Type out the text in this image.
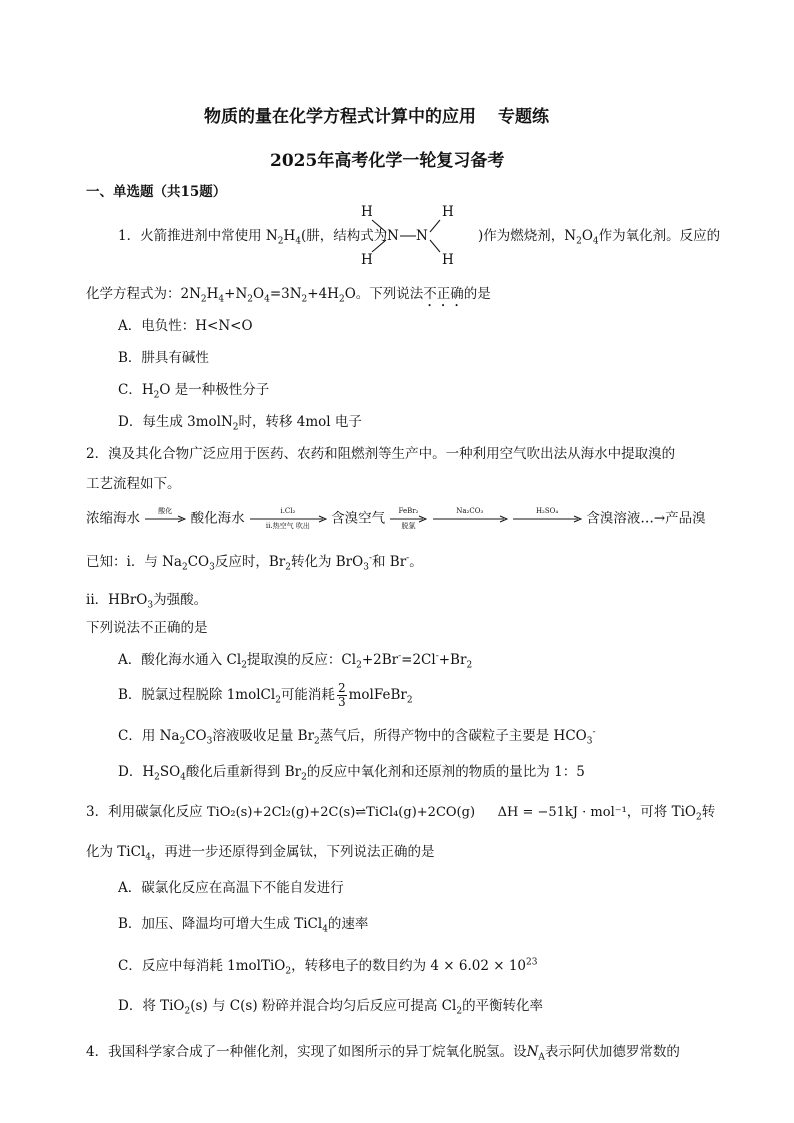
物质的量在化学方程式计算中的应用 专题练
2025年高考化学一轮复习备考
一、单选题（共15题）
1．火箭推进剂中常使用 $N_2H_4$(肼，结构式为
H
H
N N
H
H
)作为燃烧剂，$N_2O_4$作为氧化剂。反应的
化学方程式为：$2N_2H_4+N_2O_4=3N_2+4H_2O$。下列说法不正确的是
A．电负性：H<N<O
B．肼具有碱性
C．$H_2O$ 是一种极性分子
D．每生成 3molN$_2$时，转移 4mol 电子
2．溴及其化合物广泛应用于医药、农药和阻燃剂等生产中。一种利用空气吹出法从海水中提取溴的
工艺流程如下。
浓缩海水	酸化	酸化海水	i.Cl₂
ii.热空气 吹出	含溴空气	FeBr₂
脱氯

Na₂CO₃
	H₂SO₄	含溴溶液…→产品溴
已知：i．与 $Na_2CO_3$反应时，$Br_2$转化为 BrO$_3$-和 Br-。
ii．HBrO$_3$为强酸。
下列说法不正确的是
A．酸化海水通入 $Cl_2$提取溴的反应：$Cl_2+2Br^-=2Cl^-+Br_2$
B．脱氯过程脱除 1molCl$_2$可能消耗 $\frac{2}{3}$ molFeBr$_2$
C．用 $Na_2CO_3$溶液吸收足量 $Br_2$蒸气后，所得产物中的含碳粒子主要是 $HCO_3^-$
D．$H_2SO_4$酸化后重新得到 $Br_2$的反应中氧化剂和还原剂的物质的量比为 1：5
3．利用碳氯化反应 TiO₂(s)+2Cl₂(g)+2C(s)⇌TiCl₄(g)+2CO(g) ΔH = −51kJ · mol⁻¹，可将 TiO$_2$转
化为 TiCl$_4$，再进一步还原得到金属钛，下列说法正确的是
A．碳氯化反应在高温下不能自发进行
B．加压、降温均可增大生成 TiCl$_4$的速率
C．反应中每消耗 1molTiO$_2$，转移电子的数目约为 $4 \times 6.02 \times 10^{23}$
D．将 TiO$_2$(s) 与 C(s) 粉碎并混合均匀后反应可提高 $Cl_2$的平衡转化率
4．我国科学家合成了一种催化剂，实现了如图所示的异丁烷氧化脱氢。设$N_A$表示阿伏加德罗常数的
